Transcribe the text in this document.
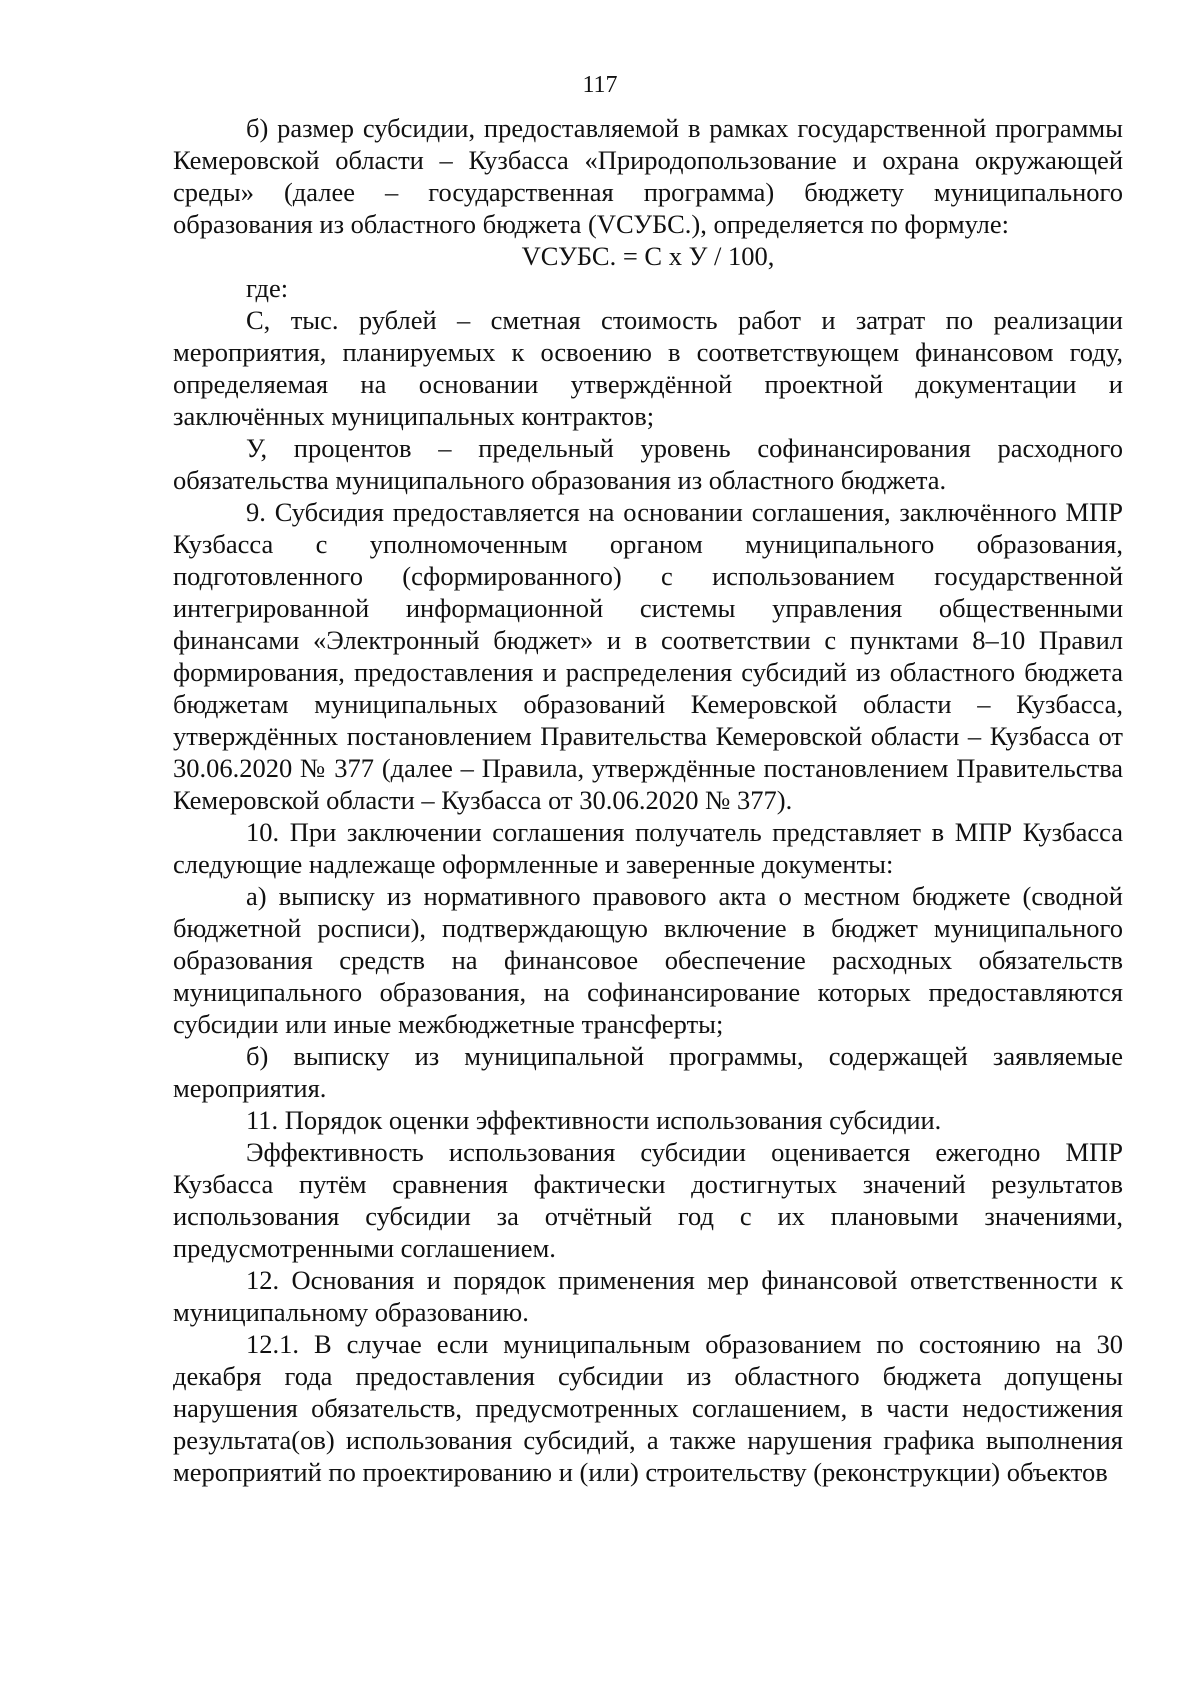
117

б) размер субсидии, предоставляемой в рамках государственной программы Кемеровской области – Кузбасса «Природопользование и охрана окружающей среды» (далее – государственная программа) бюджету муниципального образования из областного бюджета (VСУБС.), определяется по формуле:

VСУБС. = С х У / 100,

где:

С, тыс. рублей – сметная стоимость работ и затрат по реализации мероприятия, планируемых к освоению в соответствующем финансовом году, определяемая на основании утверждённой проектной документации и заключённых муниципальных контрактов;

У, процентов – предельный уровень софинансирования расходного обязательства муниципального образования из областного бюджета.

9. Субсидия предоставляется на основании соглашения, заключённого МПР Кузбасса с уполномоченным органом муниципального образования, подготовленного (сформированного) с использованием государственной интегрированной информационной системы управления общественными финансами «Электронный бюджет» и в соответствии с пунктами 8–10 Правил формирования, предоставления и распределения субсидий из областного бюджета бюджетам муниципальных образований Кемеровской области – Кузбасса, утверждённых постановлением Правительства Кемеровской области – Кузбасса от 30.06.2020 № 377 (далее – Правила, утверждённые постановлением Правительства Кемеровской области – Кузбасса от 30.06.2020 № 377).

10. При заключении соглашения получатель представляет в МПР Кузбасса следующие надлежаще оформленные и заверенные документы:

а) выписку из нормативного правового акта о местном бюджете (сводной бюджетной росписи), подтверждающую включение в бюджет муниципального образования средств на финансовое обеспечение расходных обязательств муниципального образования, на софинансирование которых предоставляются субсидии или иные межбюджетные трансферты;

б) выписку из муниципальной программы, содержащей заявляемые мероприятия.

11. Порядок оценки эффективности использования субсидии.

Эффективность использования субсидии оценивается ежегодно МПР Кузбасса путём сравнения фактически достигнутых значений результатов использования субсидии за отчётный год с их плановыми значениями, предусмотренными соглашением.

12. Основания и порядок применения мер финансовой ответственности к муниципальному образованию.

12.1. В случае если муниципальным образованием по состоянию на 30 декабря года предоставления субсидии из областного бюджета допущены нарушения обязательств, предусмотренных соглашением, в части недостижения результата(ов) использования субсидий, а также нарушения графика выполнения мероприятий по проектированию и (или) строительству (реконструкции) объектов
